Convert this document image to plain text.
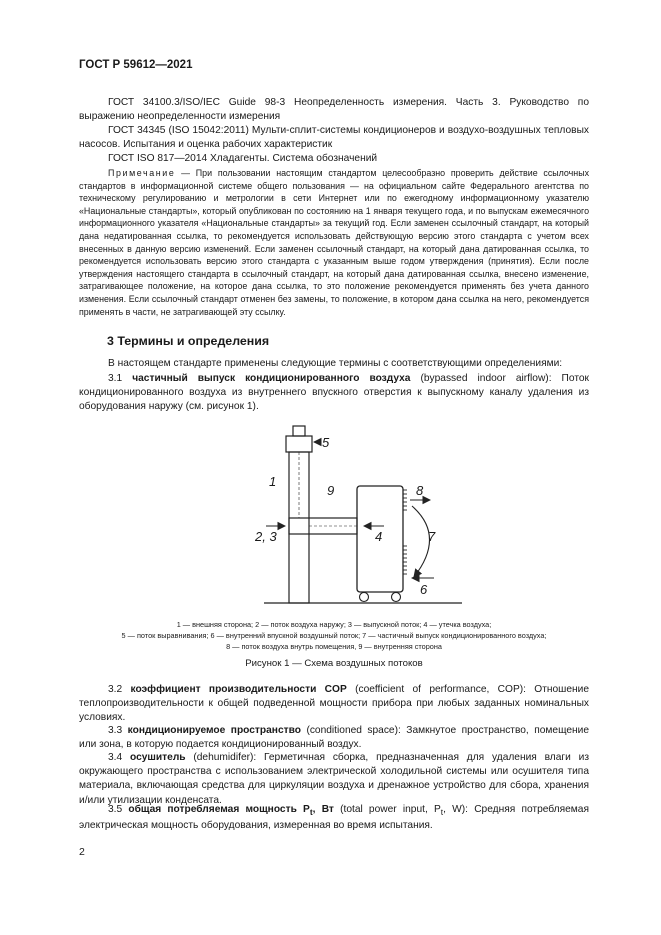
ГОСТ Р 59612—2021

ГОСТ 34100.3/ISO/IEC Guide 98-3 Неопределенность измерения. Часть 3. Руководство по выражению неопределенности измерения

ГОСТ 34345 (ISO 15042:2011) Мульти-сплит-системы кондиционеров и воздухо-воздушных тепловых насосов. Испытания и оценка рабочих характеристик

ГОСТ ISO 817—2014 Хладагенты. Система обозначений

Примечание — При пользовании настоящим стандартом целесообразно проверить действие ссылочных стандартов в информационной системе общего пользования — на официальном сайте Федерального агентства по техническому регулированию и метрологии в сети Интернет или по ежегодному информационному указателю «Национальные стандарты», который опубликован по состоянию на 1 января текущего года, и по выпускам ежемесячного информационного указателя «Национальные стандарты» за текущий год. Если заменен ссылочный стандарт, на который дана недатированная ссылка, то рекомендуется использовать действующую версию этого стандарта с учетом всех внесенных в данную версию изменений. Если заменен ссылочный стандарт, на который дана датированная ссылка, то рекомендуется использовать версию этого стандарта с указанным выше годом утверждения (принятия). Если после утверждения настоящего стандарта в ссылочный стандарт, на который дана датированная ссылка, внесено изменение, затрагивающее положение, на которое дана ссылка, то это положение рекомендуется применять без учета данного изменения. Если ссылочный стандарт отменен без замены, то положение, в котором дана ссылка на него, рекомендуется применять в части, не затрагивающей эту ссылку.

3 Термины и определения

В настоящем стандарте применены следующие термины с соответствующими определениями:

3.1 частичный выпуск кондиционированного воздуха (bypassed indoor airflow): Поток кондиционированного воздуха из внутреннего впускного отверстия к выпускному каналу удаления из оборудования наружу (см. рисунок 1).

1
5
9	8
2, 3	4	7
6

1 — внешняя сторона; 2 — поток воздуха наружу; 3 — выпускной поток; 4 — утечка воздуха;

5 — поток выравнивания; 6 — внутренний впускной воздушный поток; 7 — частичный выпуск кондиционированного воздуха;

8 — поток воздуха внутрь помещения, 9 — внутренняя сторона

Рисунок 1 — Схема воздушных потоков

3.2 коэффициент производительности COP (coefficient of performance, COP): Отношение теплопроизводительности к общей подведенной мощности прибора при любых заданных номинальных условиях.

3.3 кондиционируемое пространство (conditioned space): Замкнутое пространство, помещение или зона, в которую подается кондиционированный воздух.

3.4 осушитель (dehumidifer): Герметичная сборка, предназначенная для удаления влаги из окружающего пространства с использованием электрической холодильной системы или осушителя типа материала, включающая средства для циркуляции воздуха и дренажное устройство для сбора, хранения и/или утилизации конденсата.

3.5 общая потребляемая мощность $P_t$, Вт (total power input, $P_t$, W): Средняя потребляемая электрическая мощность оборудования, измеренная во время испытания.

2
